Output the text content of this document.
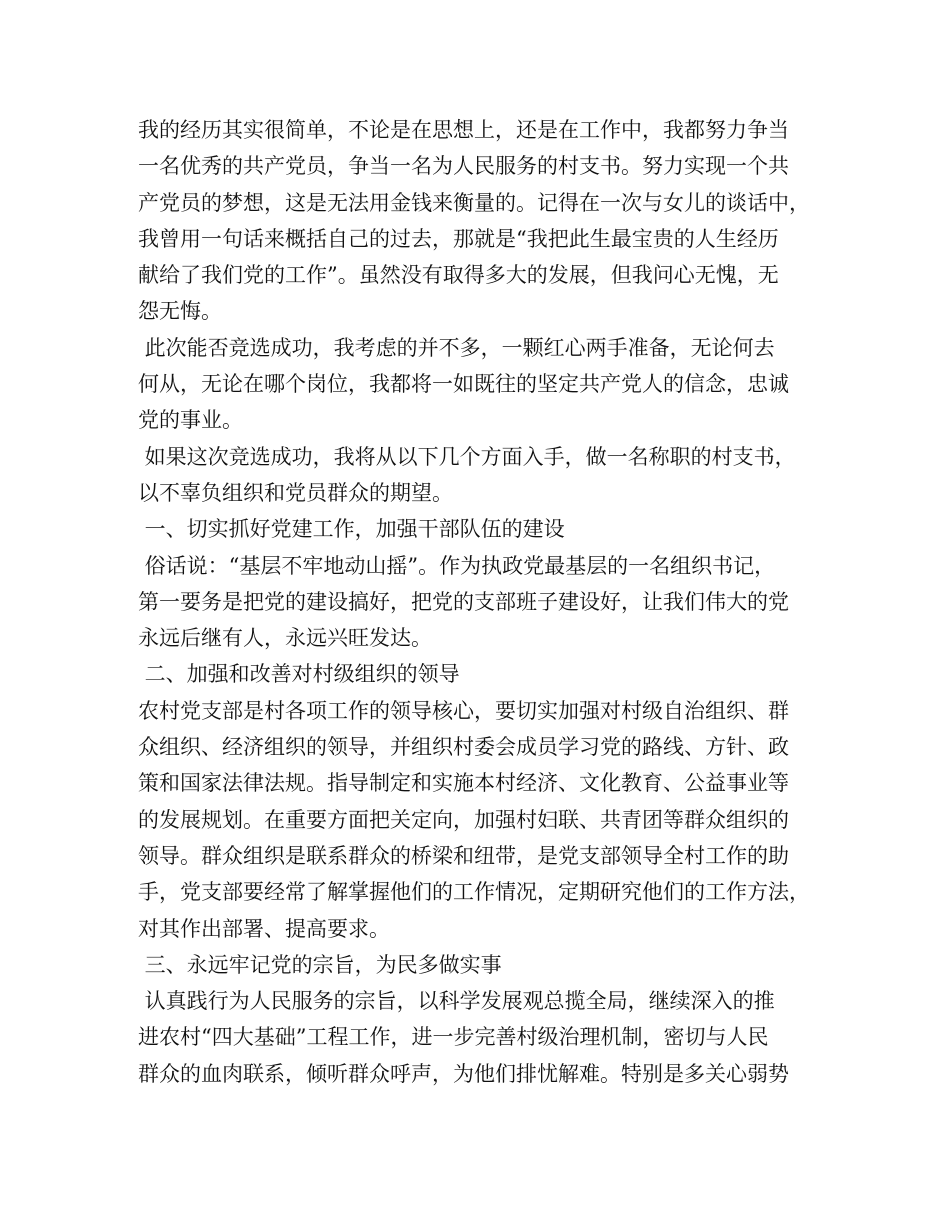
我的经历其实很简单，不论是在思想上，还是在工作中，我都努力争当
一名优秀的共产党员，争当一名为人民服务的村支书。努力实现一个共
产党员的梦想，这是无法用金钱来衡量的。记得在一次与女儿的谈话中，
我曾用一句话来概括自己的过去，那就是“我把此生最宝贵的人生经历
献给了我们党的工作”。虽然没有取得多大的发展，但我问心无愧，无
怨无悔。
此次能否竞选成功，我考虑的并不多，一颗红心两手准备，无论何去
何从，无论在哪个岗位，我都将一如既往的坚定共产党人的信念，忠诚
党的事业。
如果这次竞选成功，我将从以下几个方面入手，做一名称职的村支书，
以不辜负组织和党员群众的期望。
一、切实抓好党建工作，加强干部队伍的建设
俗话说：“基层不牢地动山摇”。作为执政党最基层的一名组织书记，
第一要务是把党的建设搞好，把党的支部班子建设好，让我们伟大的党
永远后继有人，永远兴旺发达。
二、加强和改善对村级组织的领导
农村党支部是村各项工作的领导核心，要切实加强对村级自治组织、群
众组织、经济组织的领导，并组织村委会成员学习党的路线、方针、政
策和国家法律法规。指导制定和实施本村经济、文化教育、公益事业等
的发展规划。在重要方面把关定向，加强村妇联、共青团等群众组织的
领导。群众组织是联系群众的桥梁和纽带，是党支部领导全村工作的助
手，党支部要经常了解掌握他们的工作情况，定期研究他们的工作方法，
对其作出部署、提高要求。
三、永远牢记党的宗旨，为民多做实事
认真践行为人民服务的宗旨，以科学发展观总揽全局，继续深入的推
进农村“四大基础”工程工作，进一步完善村级治理机制，密切与人民
群众的血肉联系，倾听群众呼声，为他们排忧解难。特别是多关心弱势
